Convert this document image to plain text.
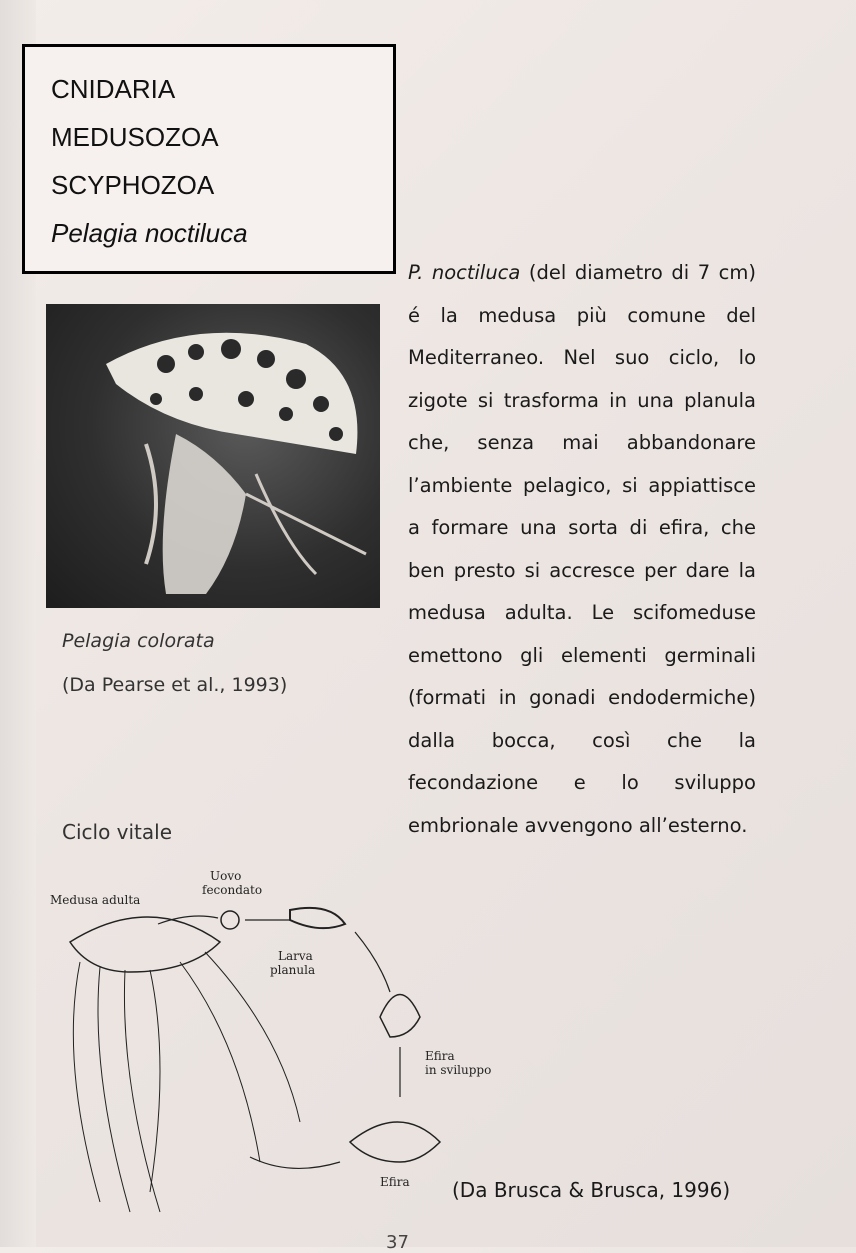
CNIDARIA
MEDUSOZOA
SCYPHOZOA
Pelagia noctiluca
Pelagia colorata
(Da Pearse et al., 1993)
P. noctiluca (del diametro di 7 cm) é la medusa più comune del Mediterraneo. Nel suo ciclo, lo zigote si trasforma in una planula che, senza mai abbandonare l’ambiente pelagico, si appiattisce a formare una sorta di efira, che ben presto si accresce per dare la medusa adulta. Le scifomeduse emettono gli elementi germinali (formati in gonadi endodermiche) dalla bocca, così che la fecondazione e lo sviluppo embrionale avvengono all’esterno.
Ciclo vitale
Medusa adulta
Uovo
fecondato
Larva
planula
Efira
in sviluppo
Efira (Da Brusca & Brusca, 1996)
37
